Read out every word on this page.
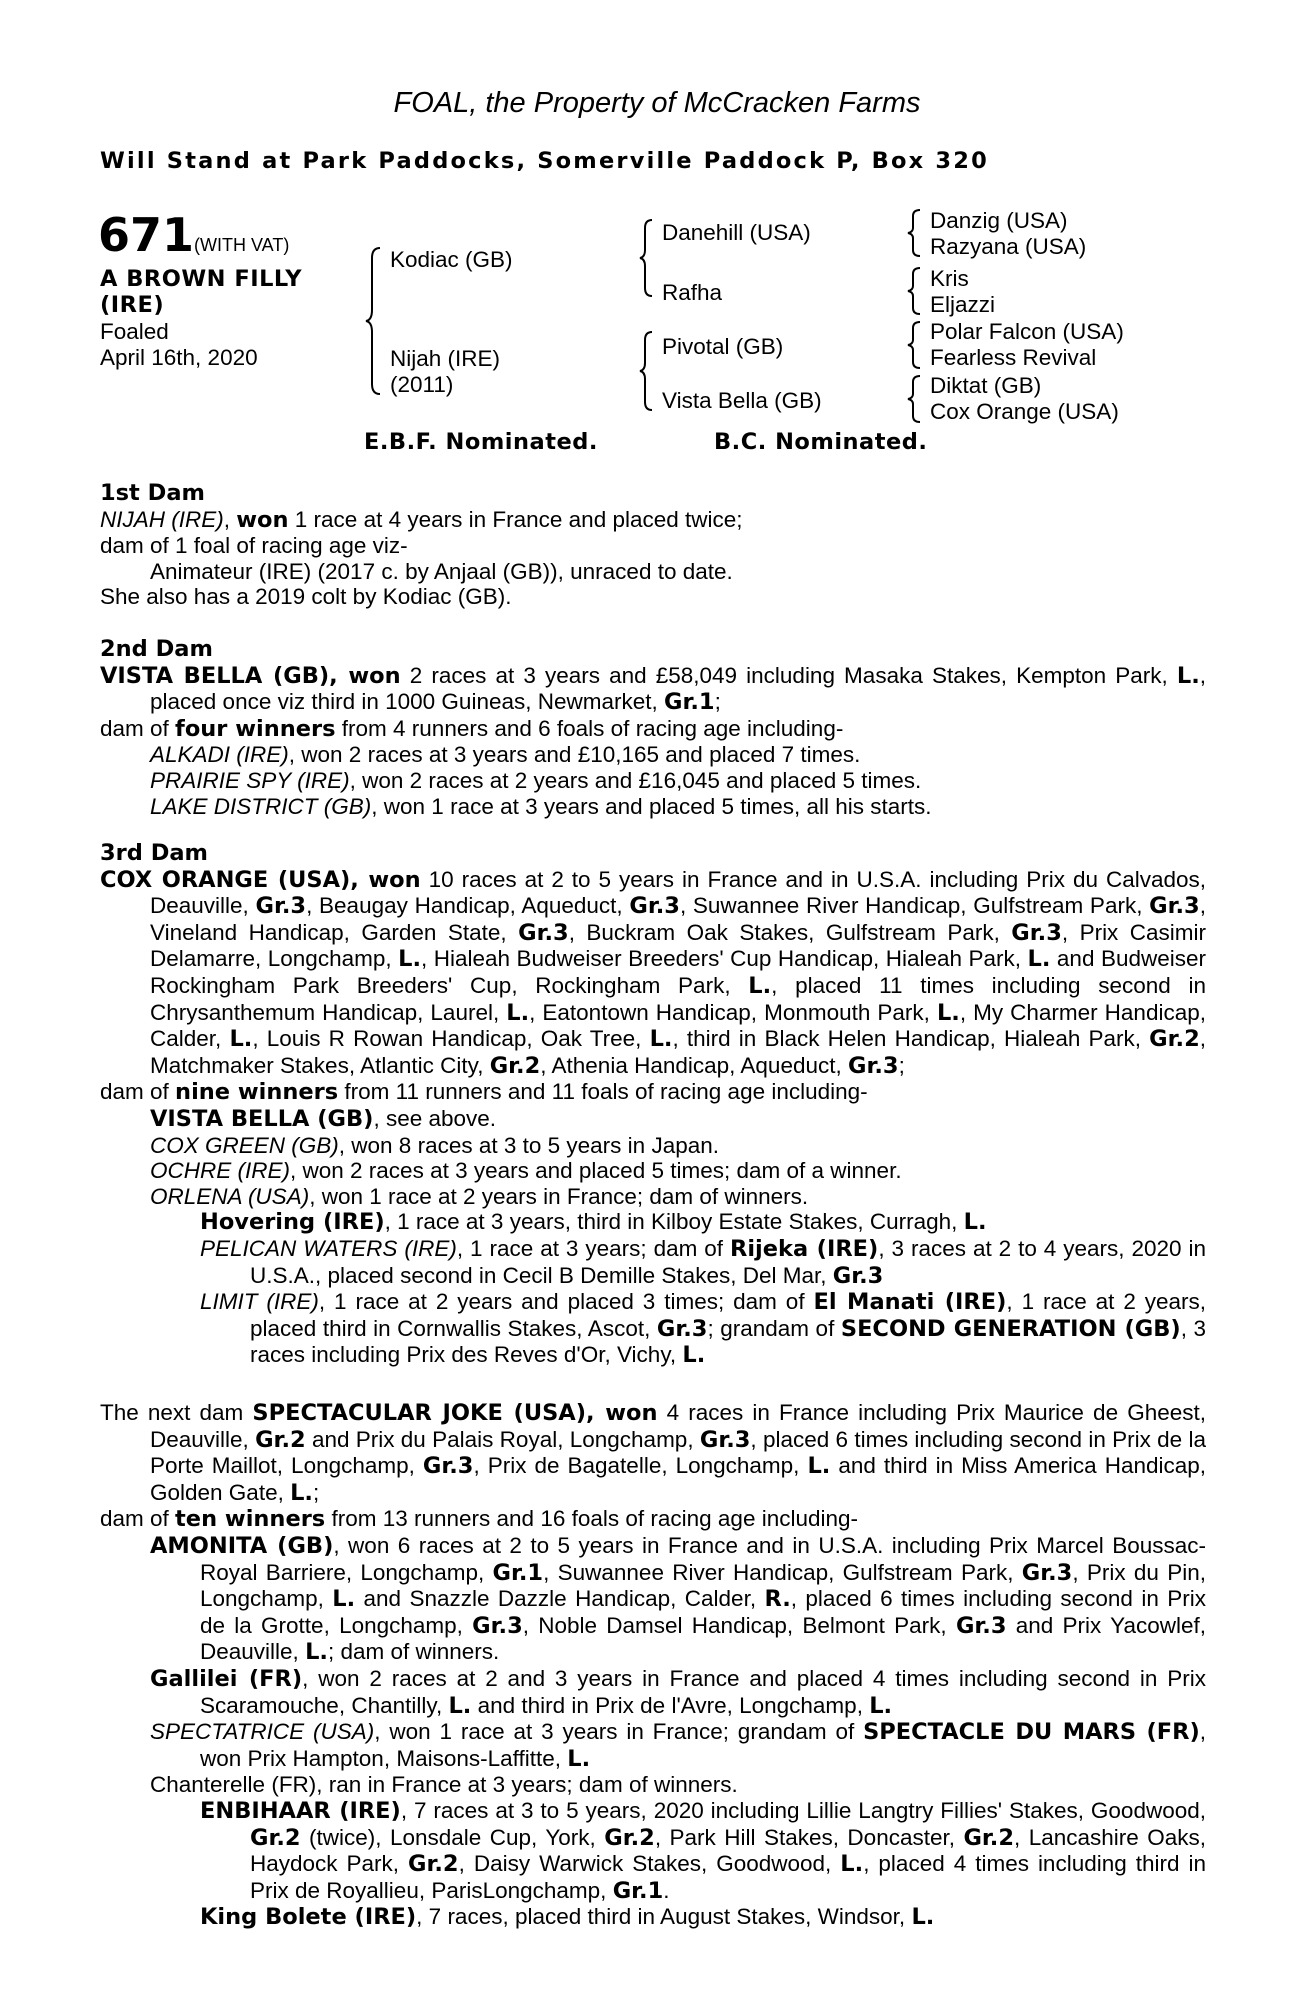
FOAL, the Property of McCracken Farms
Will Stand at Park Paddocks, Somerville Paddock P, Box 320
671 (WITH VAT)
A BROWN FILLY
(IRE)
Foaled
April 16th, 2020
Kodiac (GB)
Nijah (IRE)
(2011)
Danehill (USA)
Rafha
Pivotal (GB)
Vista Bella (GB)
Danzig (USA)
Razyana (USA)
Kris
Eljazzi
Polar Falcon (USA)
Fearless Revival
Diktat (GB)
Cox Orange (USA)
E.B.F. Nominated.	B.C. Nominated.

1st Dam

NIJAH (IRE), won 1 race at 4 years in France and placed twice;

dam of 1 foal of racing age viz-

Animateur (IRE) (2017 c. by Anjaal (GB)), unraced to date.

She also has a 2019 colt by Kodiac (GB).

2nd Dam

VISTA BELLA (GB), won 2 races at 3 years and £58,049 including Masaka Stakes, Kempton Park, L., placed once viz third in 1000 Guineas, Newmarket, Gr.1;

dam of four winners from 4 runners and 6 foals of racing age including-

ALKADI (IRE), won 2 races at 3 years and £10,165 and placed 7 times.

PRAIRIE SPY (IRE), won 2 races at 2 years and £16,045 and placed 5 times.

LAKE DISTRICT (GB), won 1 race at 3 years and placed 5 times, all his starts.

3rd Dam

COX ORANGE (USA), won 10 races at 2 to 5 years in France and in U.S.A. including Prix du Calvados, Deauville, Gr.3, Beaugay Handicap, Aqueduct, Gr.3, Suwannee River Handicap, Gulfstream Park, Gr.3, Vineland Handicap, Garden State, Gr.3, Buckram Oak Stakes, Gulfstream Park, Gr.3, Prix Casimir Delamarre, Longchamp, L., Hialeah Budweiser Breeders' Cup Handicap, Hialeah Park, L. and Budweiser Rockingham Park Breeders' Cup, Rockingham Park, L., placed 11 times including second in Chrysanthemum Handicap, Laurel, L., Eatontown Handicap, Monmouth Park, L., My Charmer Handicap, Calder, L., Louis R Rowan Handicap, Oak Tree, L., third in Black Helen Handicap, Hialeah Park, Gr.2, Matchmaker Stakes, Atlantic City, Gr.2, Athenia Handicap, Aqueduct, Gr.3;

dam of nine winners from 11 runners and 11 foals of racing age including-

VISTA BELLA (GB), see above.

COX GREEN (GB), won 8 races at 3 to 5 years in Japan.

OCHRE (IRE), won 2 races at 3 years and placed 5 times; dam of a winner.

ORLENA (USA), won 1 race at 2 years in France; dam of winners.

Hovering (IRE), 1 race at 3 years, third in Kilboy Estate Stakes, Curragh, L.

PELICAN WATERS (IRE), 1 race at 3 years; dam of Rijeka (IRE), 3 races at 2 to 4 years, 2020 in U.S.A., placed second in Cecil B Demille Stakes, Del Mar, Gr.3

LIMIT (IRE), 1 race at 2 years and placed 3 times; dam of El Manati (IRE), 1 race at 2 years, placed third in Cornwallis Stakes, Ascot, Gr.3; grandam of SECOND GENERATION (GB), 3 races including Prix des Reves d'Or, Vichy, L.

The next dam SPECTACULAR JOKE (USA), won 4 races in France including Prix Maurice de Gheest, Deauville, Gr.2 and Prix du Palais Royal, Longchamp, Gr.3, placed 6 times including second in Prix de la Porte Maillot, Longchamp, Gr.3, Prix de Bagatelle, Longchamp, L. and third in Miss America Handicap, Golden Gate, L.;

dam of ten winners from 13 runners and 16 foals of racing age including-

AMONITA (GB), won 6 races at 2 to 5 years in France and in U.S.A. including Prix Marcel Boussac-Royal Barriere, Longchamp, Gr.1, Suwannee River Handicap, Gulfstream Park, Gr.3, Prix du Pin, Longchamp, L. and Snazzle Dazzle Handicap, Calder, R., placed 6 times including second in Prix de la Grotte, Longchamp, Gr.3, Noble Damsel Handicap, Belmont Park, Gr.3 and Prix Yacowlef, Deauville, L.; dam of winners.

Gallilei (FR), won 2 races at 2 and 3 years in France and placed 4 times including second in Prix Scaramouche, Chantilly, L. and third in Prix de l'Avre, Longchamp, L.

SPECTATRICE (USA), won 1 race at 3 years in France; grandam of SPECTACLE DU MARS (FR), won Prix Hampton, Maisons-Laffitte, L.

Chanterelle (FR), ran in France at 3 years; dam of winners.

ENBIHAAR (IRE), 7 races at 3 to 5 years, 2020 including Lillie Langtry Fillies' Stakes, Goodwood, Gr.2 (twice), Lonsdale Cup, York, Gr.2, Park Hill Stakes, Doncaster, Gr.2, Lancashire Oaks, Haydock Park, Gr.2, Daisy Warwick Stakes, Goodwood, L., placed 4 times including third in Prix de Royallieu, ParisLongchamp, Gr.1.

King Bolete (IRE), 7 races, placed third in August Stakes, Windsor, L.
